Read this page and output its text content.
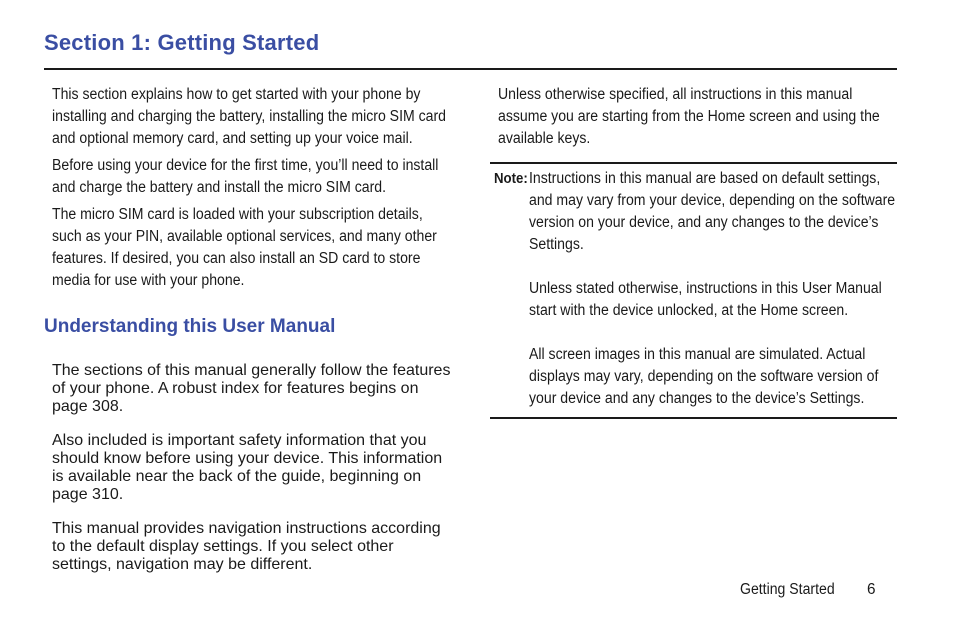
Section 1: Getting Started

This section explains how to get started with your phone by installing and charging the battery, installing the micro SIM card and optional memory card, and setting up your voice mail.

Before using your device for the first time, you’ll need to install and charge the battery and install the micro SIM card.

The micro SIM card is loaded with your subscription details, such as your PIN, available optional services, and many other features. If desired, you can also install an SD card to store media for use with your phone.

Understanding this User Manual

The sections of this manual generally follow the features of your phone. A robust index for features begins on page 308.

Also included is important safety information that you should know before using your device. This information is available near the back of the guide, beginning on page 310.

This manual provides navigation instructions according to the default display settings. If you select other settings, navigation may be different.

Unless otherwise specified, all instructions in this manual assume you are starting from the Home screen and using the available keys.

Note: Instructions in this manual are based on default settings, and may vary from your device, depending on the software version on your device, and any changes to the device’s Settings.

Unless stated otherwise, instructions in this User Manual start with the device unlocked, at the Home screen.

All screen images in this manual are simulated. Actual displays may vary, depending on the software version of your device and any changes to the device’s Settings.

Getting Started 6
